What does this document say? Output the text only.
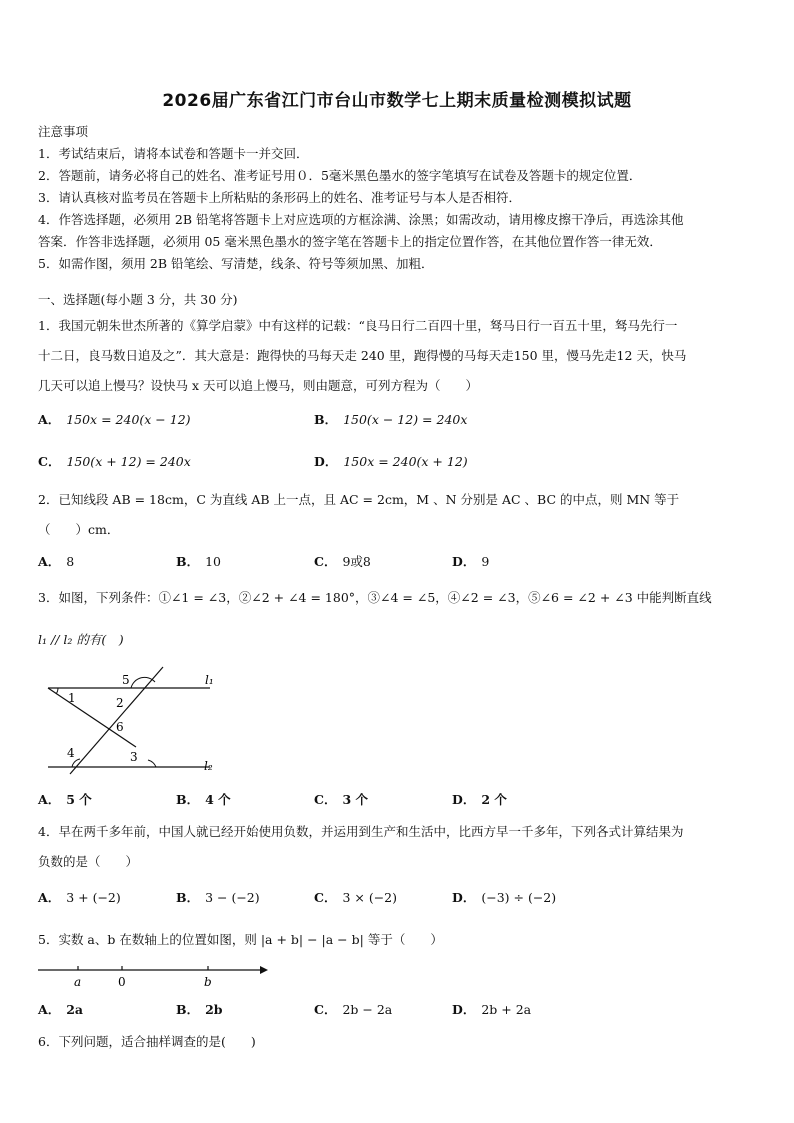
2026届广东省江门市台山市数学七上期末质量检测模拟试题
注意事项
1．考试结束后，请将本试卷和答题卡一并交回．
2．答题前，请务必将自己的姓名、准考证号用０．5毫米黑色墨水的签字笔填写在试卷及答题卡的规定位置．
3．请认真核对监考员在答题卡上所粘贴的条形码上的姓名、准考证号与本人是否相符．
4．作答选择题，必须用 2B 铅笔将答题卡上对应选项的方框涂满、涂黑；如需改动，请用橡皮擦干净后，再选涂其他
答案．作答非选择题，必须用 05 毫米黑色墨水的签字笔在答题卡上的指定位置作答，在其他位置作答一律无效．
5．如需作图，须用 2B 铅笔绘、写清楚，线条、符号等须加黑、加粗．
一、选择题(每小题 3 分，共 30 分)
1．我国元朝朱世杰所著的《算学启蒙》中有这样的记载：“良马日行二百四十里，驽马日行一百五十里，驽马先行一
十二日，良马数日追及之”．其大意是：跑得快的马每天走 240 里，跑得慢的马每天走150 里，慢马先走12 天，快马
几天可以追上慢马？设快马 x 天可以追上慢马，则由题意，可列方程为（　　）
A． 150x = 240(x − 12)	B． 150(x − 12) = 240x
C． 150(x + 12) = 240x	D． 150x = 240(x + 12)
2．已知线段 AB = 18cm，C 为直线 AB 上一点，且 AC = 2cm，M 、N 分别是 AC 、BC 的中点，则 MN 等于
（　　）cm．
A． 8	B． 10	C． 9或8	D． 9
3．如图，下列条件：①∠1 = ∠3，②∠2 + ∠4 = 180°，③∠4 = ∠5，④∠2 = ∠3，⑤∠6 = ∠2 + ∠3 中能判断直线
l₁ // l₂ 的有(　)
5
1	2
6
4	3
l₁
l₂
A． 5 个	B． 4 个	C． 3 个	D． 2 个
4．早在两千多年前，中国人就已经开始使用负数，并运用到生产和生活中，比西方早一千多年，下列各式计算结果为
负数的是（　　）
A． 3 + (−2)	B． 3 − (−2)	C． 3 × (−2)	D． (−3) ÷ (−2)
5．实数 a、b 在数轴上的位置如图，则 |a + b| − |a − b| 等于（　　）
a	0	b
A． 2a	B． 2b	C． 2b − 2a	D． 2b + 2a
6．下列问题，适合抽样调查的是(　　)
